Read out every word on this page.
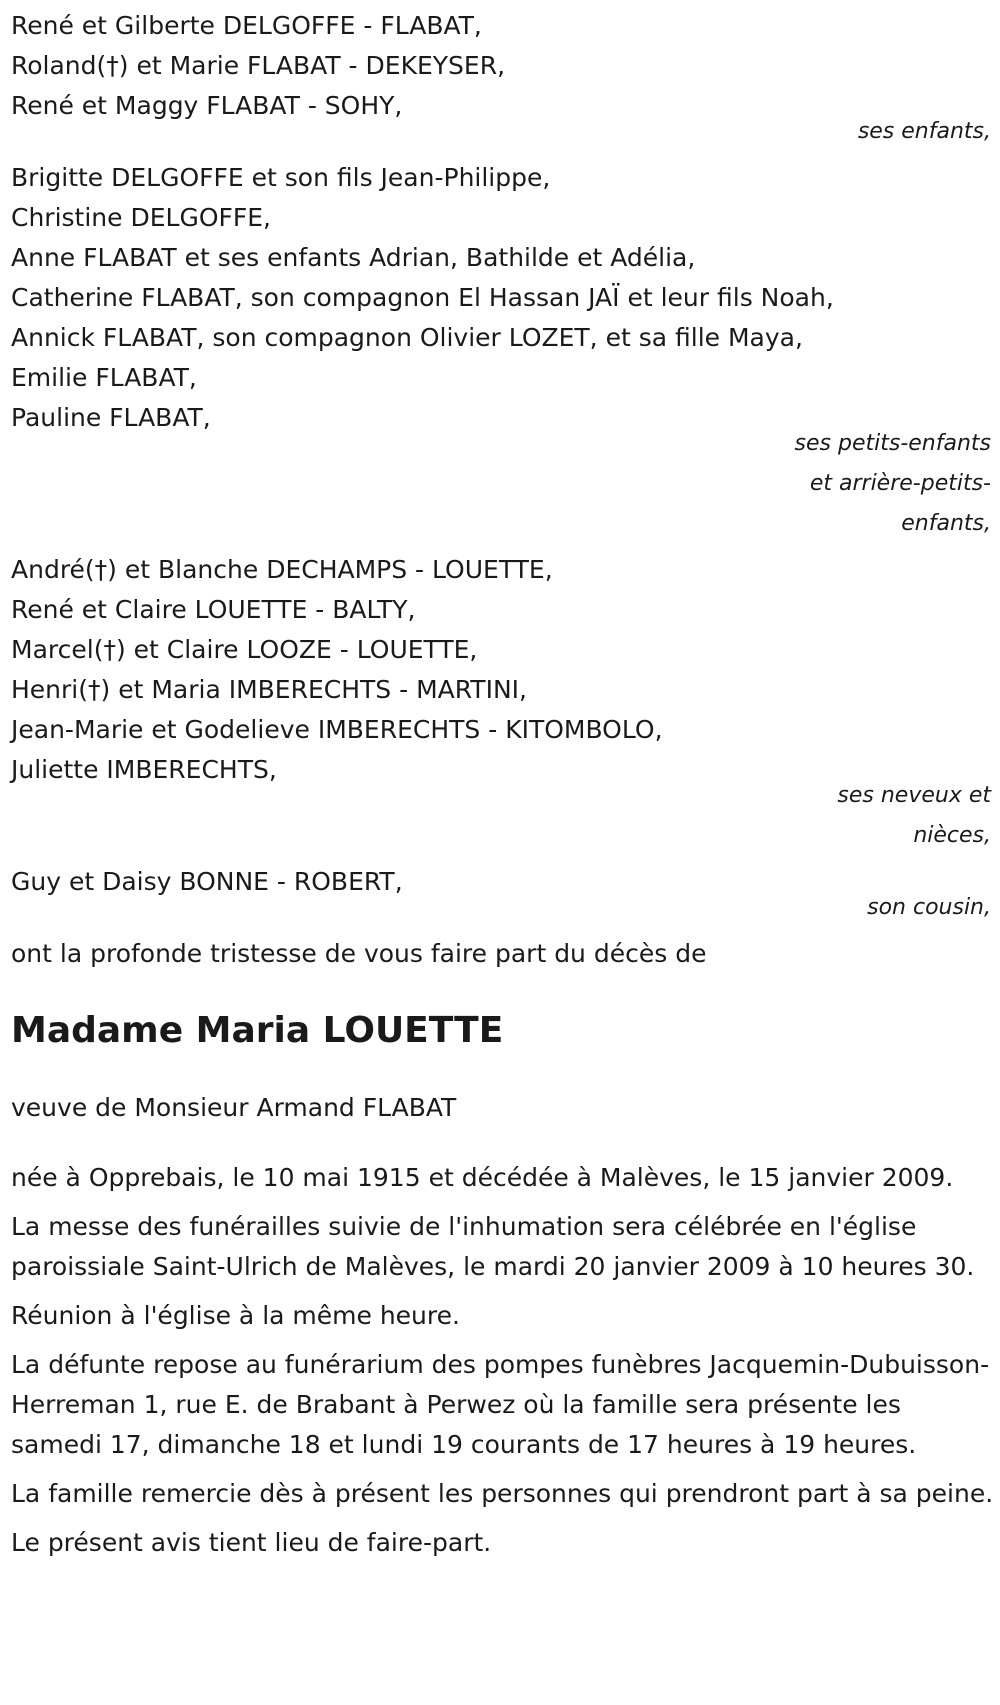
René et Gilberte DELGOFFE - FLABAT,
Roland(†) et Marie FLABAT - DEKEYSER,
René et Maggy FLABAT - SOHY,
ses enfants,
Brigitte DELGOFFE et son fils Jean-Philippe,
Christine DELGOFFE,
Anne FLABAT et ses enfants Adrian, Bathilde et Adélia,
Catherine FLABAT, son compagnon El Hassan JAÏ et leur fils Noah,
Annick FLABAT, son compagnon Olivier LOZET, et sa fille Maya,
Emilie FLABAT,
Pauline FLABAT,
ses petits-enfants
et arrière-petits-
enfants,
André(†) et Blanche DECHAMPS - LOUETTE,
René et Claire LOUETTE - BALTY,
Marcel(†) et Claire LOOZE - LOUETTE,
Henri(†) et Maria IMBERECHTS - MARTINI,
Jean-Marie et Godelieve IMBERECHTS - KITOMBOLO,
Juliette IMBERECHTS,
ses neveux et
nièces,
Guy et Daisy BONNE - ROBERT,
son cousin,
ont la profonde tristesse de vous faire part du décès de
Madame Maria LOUETTE
veuve de Monsieur Armand FLABAT
née à Opprebais, le 10 mai 1915 et décédée à Malèves, le 15 janvier 2009.
La messe des funérailles suivie de l'inhumation sera célébrée en l'église paroissiale Saint-Ulrich de Malèves, le mardi 20 janvier 2009 à 10 heures 30.
Réunion à l'église à la même heure.
La défunte repose au funérarium des pompes funèbres Jacquemin-Dubuisson-Herreman 1, rue E. de Brabant à Perwez où la famille sera présente les samedi 17, dimanche 18 et lundi 19 courants de 17 heures à 19 heures.
La famille remercie dès à présent les personnes qui prendront part à sa peine.
Le présent avis tient lieu de faire-part.
